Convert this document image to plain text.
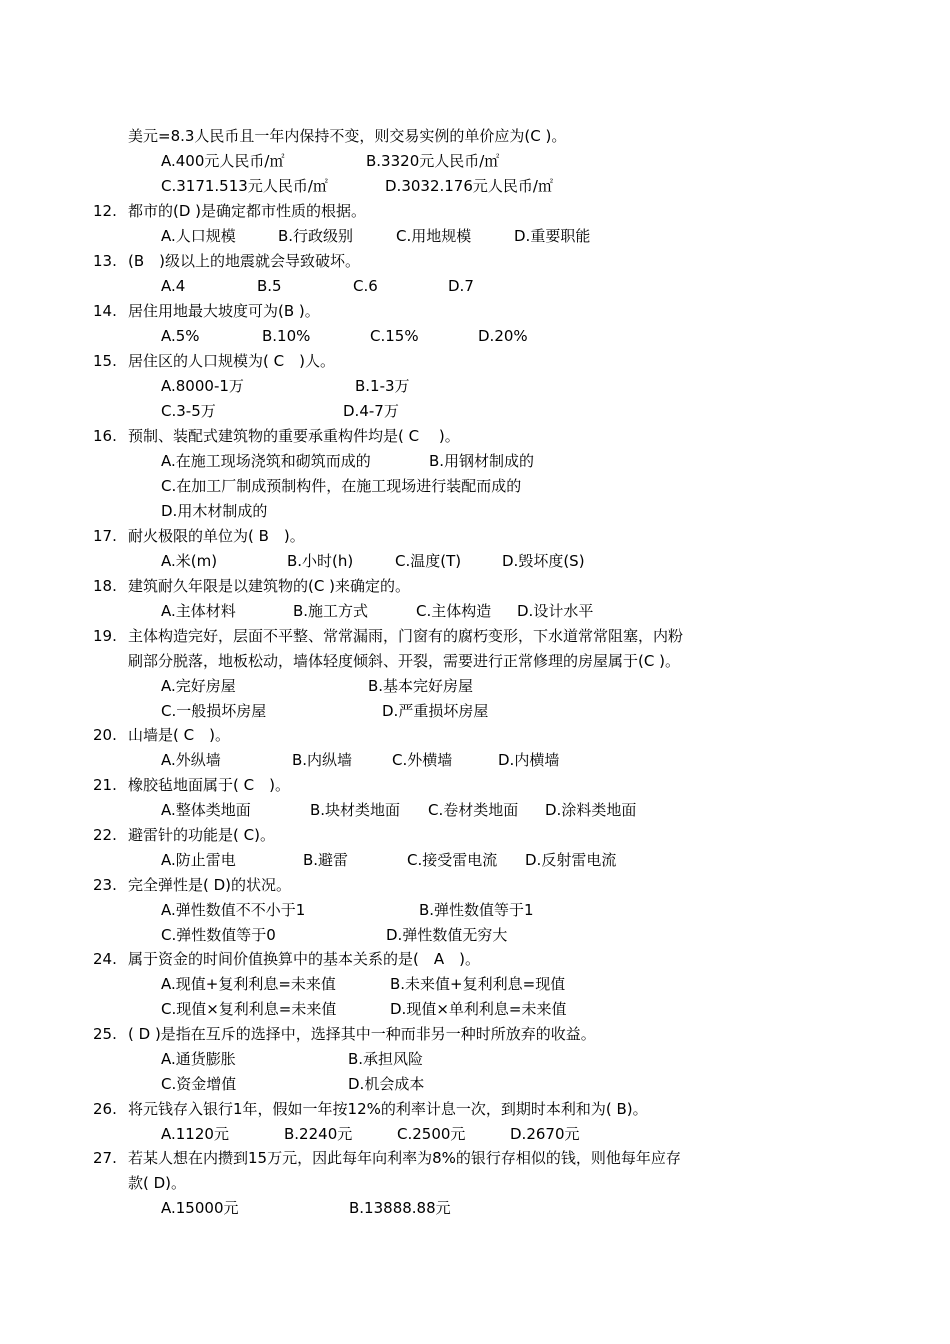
美元=8.3人民币且一年内保持不变，则交易实例的单价应为(C )。
A.400元人民币/㎡	B.3320元人民币/㎡
C.3171.513元人民币/㎡	D.3032.176元人民币/㎡
12. 都市的(D )是确定都市性质的根据。
A.人口规模	B.行政级别	C.用地规模	D.重要职能
13. (B　)级以上的地震就会导致破坏。
A.4	B.5	C.6	D.7
14. 居住用地最大坡度可为(B )。
A.5%	B.10%	C.15%	D.20%
15. 居住区的人口规模为( C　)人。
A.8000-1万	B.1-3万
C.3-5万	D.4-7万
16. 预制、装配式建筑物的重要承重构件均是( C　 )。
A.在施工现场浇筑和砌筑而成的	B.用钢材制成的
C.在加工厂制成预制构件，在施工现场进行装配而成的
D.用木材制成的
17. 耐火极限的单位为( B　)。
A.米(m)	B.小时(h)	C.温度(T)	D.毁坏度(S)
18. 建筑耐久年限是以建筑物的(C )来确定的。
A.主体材料	B.施工方式	C.主体构造 D.设计水平
19. 主体构造完好，层面不平整、常常漏雨，门窗有的腐朽变形，下水道常常阻塞，内粉
刷部分脱落，地板松动，墙体轻度倾斜、开裂，需要进行正常修理的房屋属于(C )。
A.完好房屋	B.基本完好房屋
C.一般损坏房屋	D.严重损坏房屋
20. 山墙是( C　)。
A.外纵墙	B.内纵墙	C.外横墙	D.内横墙
21. 橡胶毡地面属于( C　)。
A.整体类地面	B.块材类地面 C.卷材类地面 D.涂料类地面
22. 避雷针的功能是( C)。
A.防止雷电	B.避雷	C.接受雷电流 D.反射雷电流
23. 完全弹性是( D)的状况。
A.弹性数值不不小于1	B.弹性数值等于1
C.弹性数值等于0	D.弹性数值无穷大
24. 属于资金的时间价值换算中的基本关系的是(　A　)。
A.现值+复利利息=未来值	B.未来值+复利利息=现值
C.现值×复利利息=未来值	D.现值×单利利息=未来值
25. ( D )是指在互斥的选择中，选择其中一种而非另一种时所放弃的收益。
A.通货膨胀	B.承担风险
C.资金增值	D.机会成本
26. 将元钱存入银行1年，假如一年按12%的利率计息一次，到期时本利和为( B)。
A.1120元	B.2240元	C.2500元	D.2670元
27. 若某人想在内攒到15万元，因此每年向利率为8%的银行存相似的钱，则他每年应存
款( D)。
A.15000元	B.13888.88元
